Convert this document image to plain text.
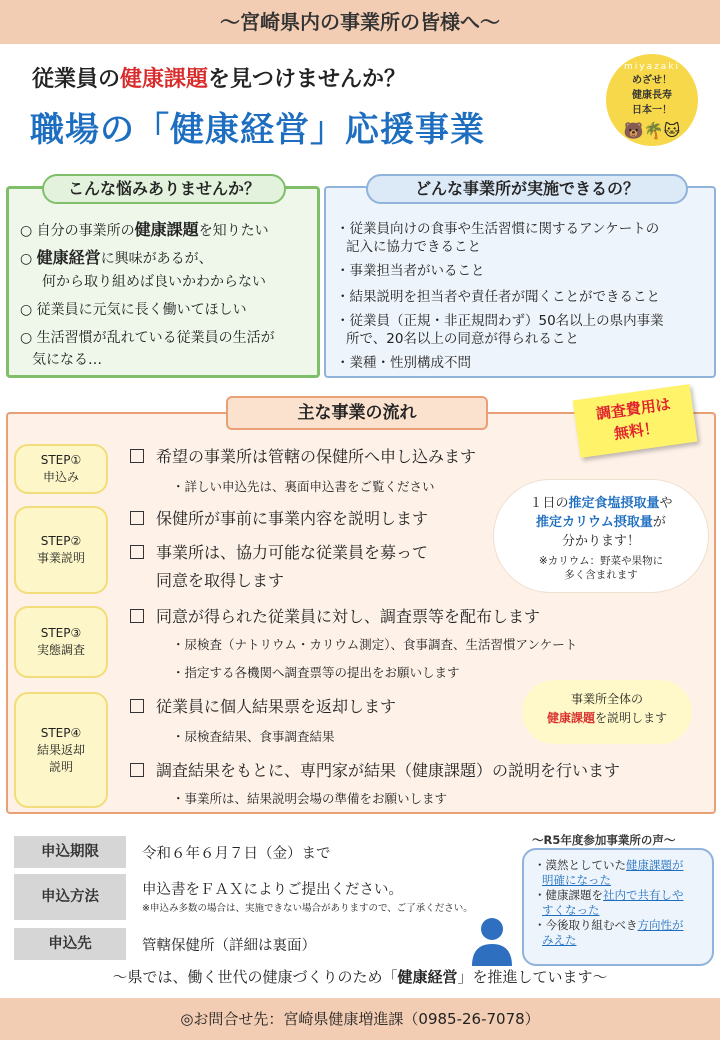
〜宮崎県内の事業所の皆様へ〜
従業員の健康課題を見つけませんか？
職場の「健康経営」応援事業
miyazaki
めざせ！
健康長寿
日本一！
🐻🌴🐱
こんな悩みありませんか？
○ 自分の事業所の健康課題を知りたい
○ 健康経営に興味があるが、
何から取り組めば良いかわからない
○ 従業員に元気に長く働いてほしい
○ 生活習慣が乱れている従業員の生活が
気になる…
どんな事業所が実施できるの？
・従業員向けの食事や生活習慣に関するアンケートの
記入に協力できること
・事業担当者がいること
・結果説明を担当者や責任者が聞くことができること
・従業員（正規・非正規問わず）50名以上の県内事業
所で、20名以上の同意が得られること
・業種・性別構成不問
主な事業の流れ	調査費用は
無料！
STEP①
申込み
STEP②
事業説明
STEP③
実態調査
STEP④
結果返却
説明
希望の事業所は管轄の保健所へ申し込みます
・詳しい申込先は、裏面申込書をご覧ください
保健所が事前に事業内容を説明します
事業所は、協力可能な従業員を募って
同意を取得します
同意が得られた従業員に対し、調査票等を配布します
・尿検査（ナトリウム・カリウム測定）、食事調査、生活習慣アンケート
・指定する各機関へ調査票等の提出をお願いします
従業員に個人結果票を返却します
・尿検査結果、食事調査結果
調査結果をもとに、専門家が結果（健康課題）の説明を行います
・事業所は、結果説明会場の準備をお願いします
１日の推定食塩摂取量や
推定カリウム摂取量が
分かります！
※カリウム：野菜や果物に
多く含まれます
事業所全体の
健康課題を説明します
申込期限	令和６年６月７日（金）まで
申込方法	申込書をＦＡＸによりご提出ください。
※申込み多数の場合は、実施できない場合がありますので、ご了承ください。
申込先	管轄保健所（詳細は裏面）
〜R5年度参加事業所の声〜
・漠然としていた健康課題が
明確になった
・健康課題を社内で共有しや
すくなった
・今後取り組むべき方向性が
みえた
〜県では、働く世代の健康づくりのため「健康経営」を推進しています〜
◎お問合せ先：宮崎県健康増進課（0985-26-7078）
